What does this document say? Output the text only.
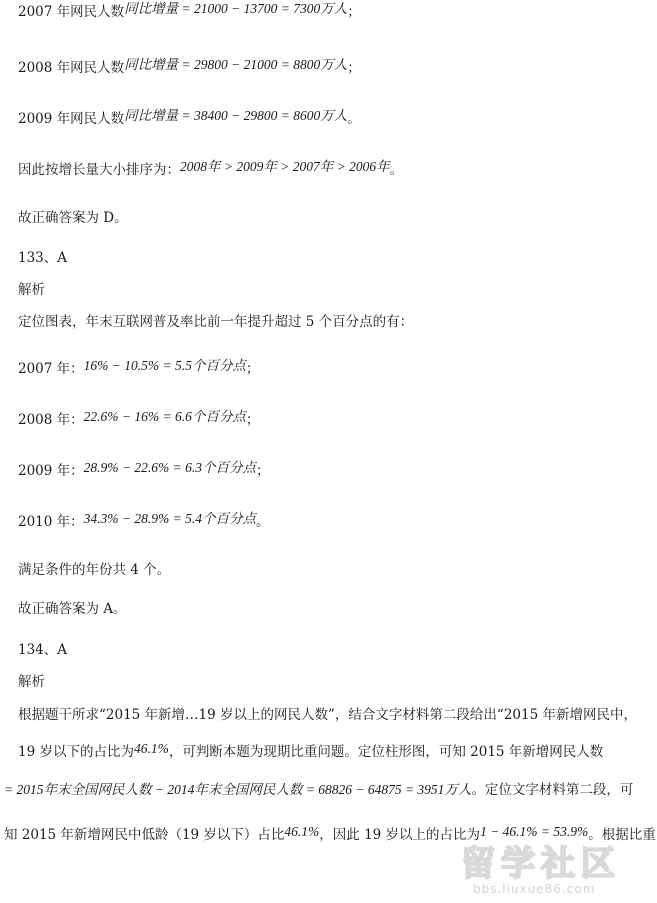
2007 年网民人数同比增量 = 21000 − 13700 = 7300万人；
2008 年网民人数同比增量 = 29800 − 21000 = 8800万人；
2009 年网民人数同比增量 = 38400 − 29800 = 8600万人。
因此按增长量大小排序为：2008年 > 2009年 > 2007年 > 2006年。
故正确答案为 D。
133、A
解析
定位图表，年末互联网普及率比前一年提升超过 5 个百分点的有：
2007 年：16% − 10.5% = 5.5个百分点；
2008 年：22.6% − 16% = 6.6个百分点；
2009 年：28.9% − 22.6% = 6.3个百分点；
2010 年：34.3% − 28.9% = 5.4个百分点。
满足条件的年份共 4 个。
故正确答案为 A。
134、A
解析
根据题干所求“2015 年新增…19 岁以上的网民人数”，结合文字材料第二段给出“2015 年新增网民中，
19 岁以下的占比为46.1%，可判断本题为现期比重问题。定位柱形图，可知 2015 年新增网民人数
= 2015年末全国网民人数 − 2014年末全国网民人数 = 68826 − 64875 = 3951万人。定位文字材料第二段，可
知 2015 年新增网民中低龄（19 岁以下）占比46.1%，因此 19 岁以上的占比为1 − 46.1% = 53.9%。根据比重
留学社区
bbs.liuxue86.com
